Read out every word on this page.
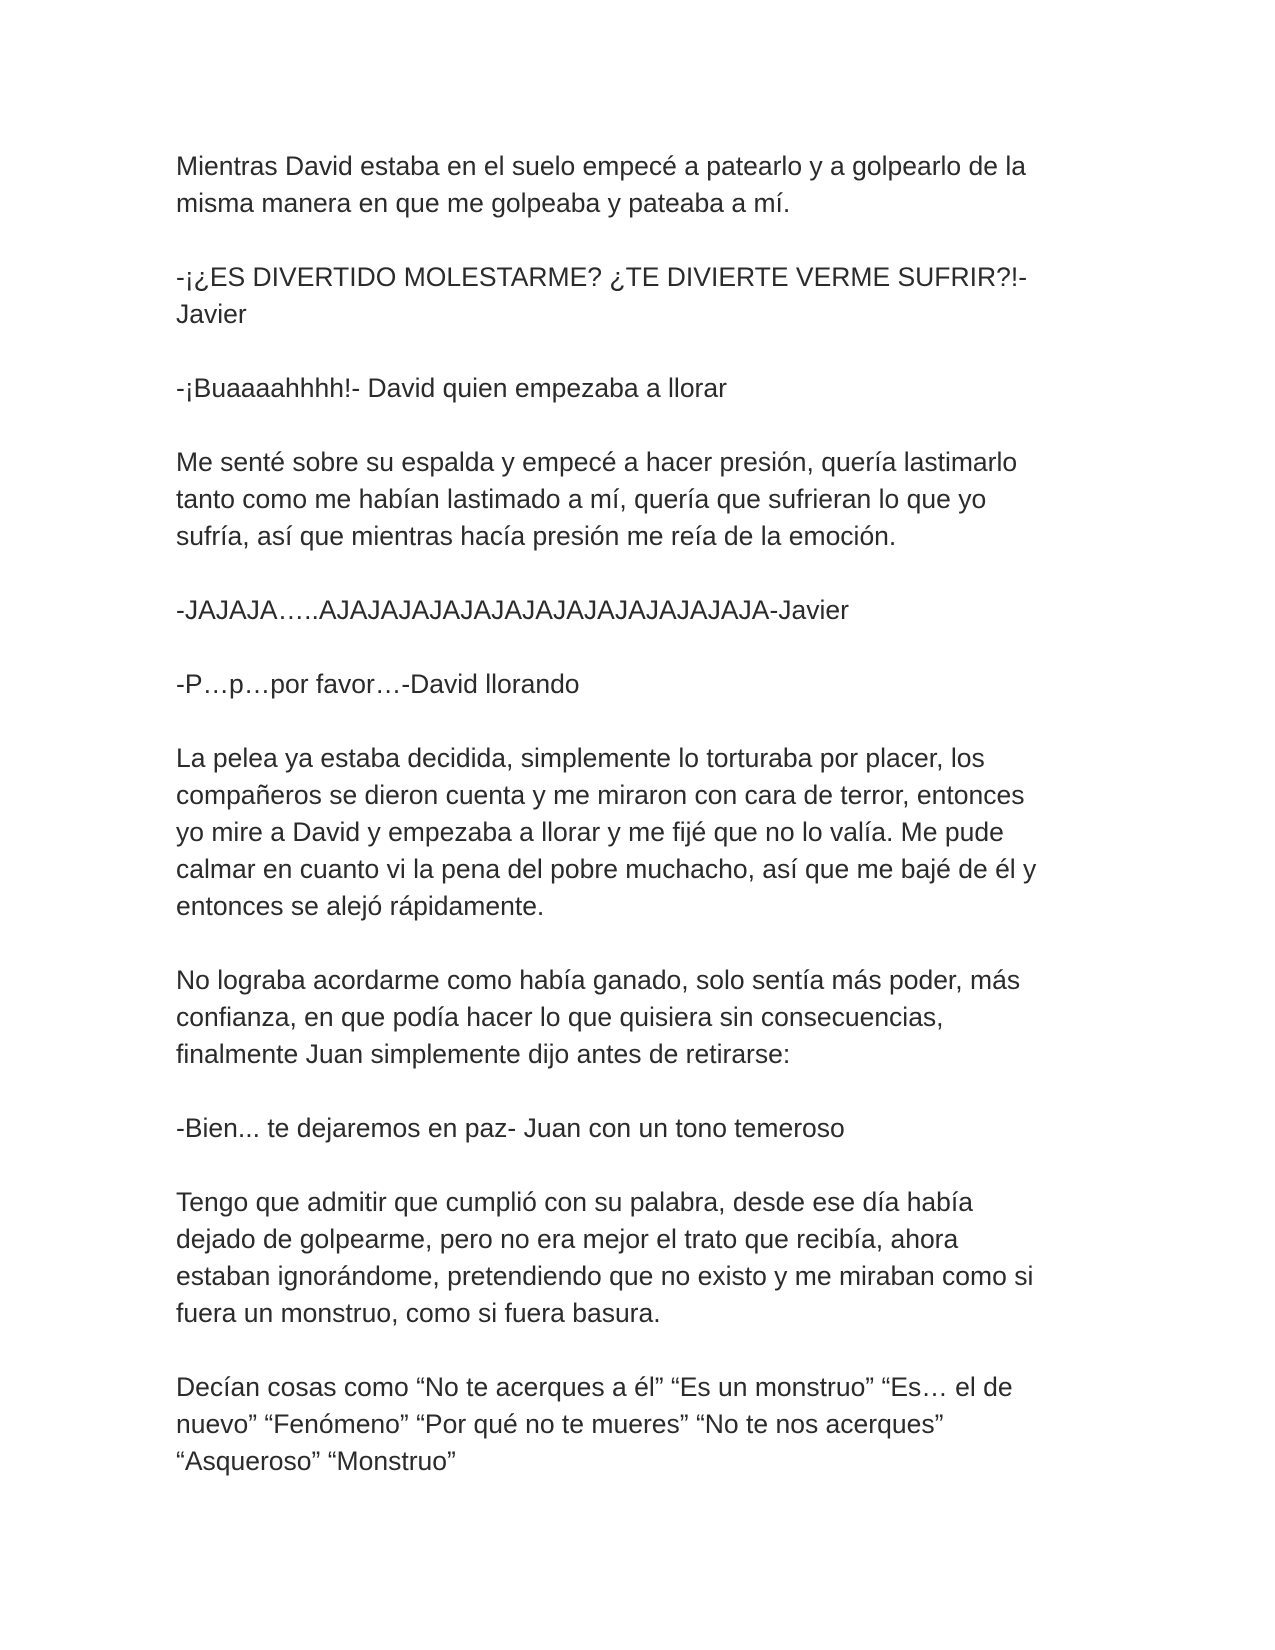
Mientras David estaba en el suelo empecé a patearlo y a golpearlo de la
misma manera en que me golpeaba y pateaba a mí.

-¡¿ES DIVERTIDO MOLESTARME? ¿TE DIVIERTE VERME SUFRIR?!-
Javier

-¡Buaaaahhhh!- David quien empezaba a llorar

Me senté sobre su espalda y empecé a hacer presión, quería lastimarlo
tanto como me habían lastimado a mí, quería que sufrieran lo que yo
sufría, así que mientras hacía presión me reía de la emoción.

-JAJAJA…..AJAJAJAJAJAJAJAJAJAJAJAJAJAJA-Javier

-P…p…por favor…-David llorando

La pelea ya estaba decidida, simplemente lo torturaba por placer, los
compañeros se dieron cuenta y me miraron con cara de terror, entonces
yo mire a David y empezaba a llorar y me fijé que no lo valía. Me pude
calmar en cuanto vi la pena del pobre muchacho, así que me bajé de él y
entonces se alejó rápidamente.

No lograba acordarme como había ganado, solo sentía más poder, más
confianza, en que podía hacer lo que quisiera sin consecuencias,
finalmente Juan simplemente dijo antes de retirarse:

-Bien... te dejaremos en paz- Juan con un tono temeroso

Tengo que admitir que cumplió con su palabra, desde ese día había
dejado de golpearme, pero no era mejor el trato que recibía, ahora
estaban ignorándome, pretendiendo que no existo y me miraban como si
fuera un monstruo, como si fuera basura.

Decían cosas como “No te acerques a él” “Es un monstruo” “Es… el de
nuevo” “Fenómeno” “Por qué no te mueres” “No te nos acerques”
“Asqueroso” “Monstruo”
